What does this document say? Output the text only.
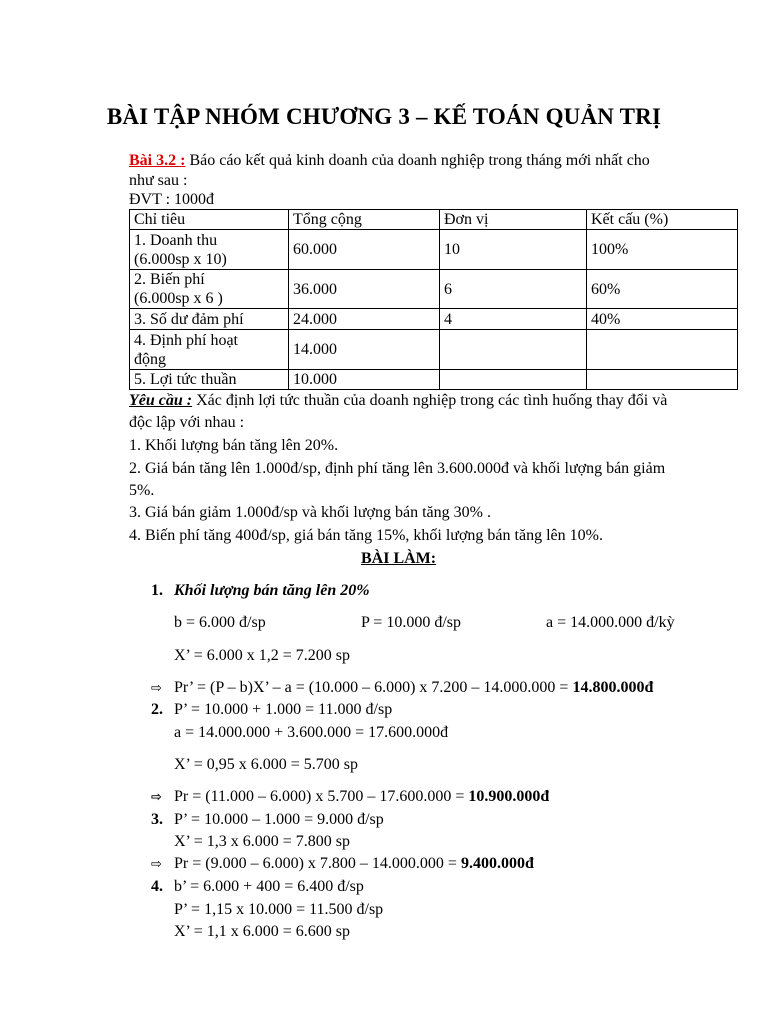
BÀI TẬP NHÓM CHƯƠNG 3 – KẾ TOÁN QUẢN TRỊ
Bài 3.2 : Báo cáo kết quả kinh doanh của doanh nghiệp trong tháng mới nhất cho
như sau :
ĐVT : 1000đ
Chỉ tiêu	Tổng cộng	Đơn vị	Kết cấu (%)

1. Doanh thu
(6.000sp x 10)	60.000	10	100%

2. Biến phí
(6.000sp x 6 )	36.000	6	60%
3. Số dư đảm phí	24.000	4	40%

4. Định phí hoạt
động	14.000		
5. Lợi tức thuần	10.000		
Yêu cầu : Xác định lợi tức thuần của doanh nghiệp trong các tình huống thay đổi và
độc lập với nhau :
1. Khối lượng bán tăng lên 20%.
2. Giá bán tăng lên 1.000đ/sp, định phí tăng lên 3.600.000đ và khối lượng bán giảm
5%.
3. Giá bán giảm 1.000đ/sp và khối lượng bán tăng 30% .
4. Biến phí tăng 400đ/sp, giá bán tăng 15%, khối lượng bán tăng lên 10%.
BÀI LÀM:
1. Khối lượng bán tăng lên 20%
b = 6.000 đ/sp	P = 10.000 đ/sp	a = 14.000.000 đ/kỳ
X’ = 6.000 x 1,2 = 7.200 sp
⇨ Pr’ = (P – b)X’ – a = (10.000 – 6.000) x 7.200 – 14.000.000 = 14.800.000đ
2. P’ = 10.000 + 1.000 = 11.000 đ/sp
a = 14.000.000 + 3.600.000 = 17.600.000đ
X’ = 0,95 x 6.000 = 5.700 sp
⇨ Pr = (11.000 – 6.000) x 5.700 – 17.600.000 = 10.900.000đ
3. P’ = 10.000 – 1.000 = 9.000 đ/sp
X’ = 1,3 x 6.000 = 7.800 sp
⇨ Pr = (9.000 – 6.000) x 7.800 – 14.000.000 = 9.400.000đ
4. b’ = 6.000 + 400 = 6.400 đ/sp
P’ = 1,15 x 10.000 = 11.500 đ/sp
X’ = 1,1 x 6.000 = 6.600 sp
